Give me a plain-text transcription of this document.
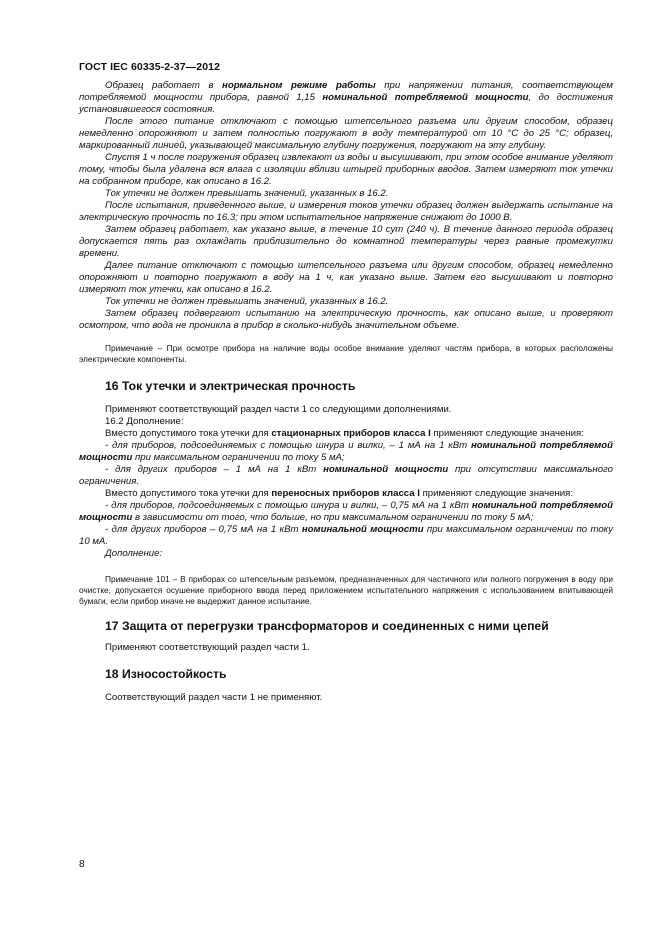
ГОСТ IEC 60335-2-37—2012

Образец работает в нормальном режиме работы при напряжении питания, соответствующем потребляемой мощности прибора, равной 1,15 номинальной потребляемой мощности, до достижения установившегося состояния.

После этого питание отключают с помощью штепсельного разъема или другим способом, образец немедленно опорожняют и затем полностью погружают в воду температурой от 10 °С до 25 °С; образец, маркированный линией, указывающей максимальную глубину погружения, погружают на эту глубину.

Спустя 1 ч после погружения образец извлекают из воды и высушивают, при этом особое внимание уделяют тому, чтобы была удалена вся влага с изоляции вблизи штырей приборных вводов. Затем измеряют ток утечки на собранном приборе, как описано в 16.2.

Ток утечки не должен превышать значений, указанных в 16.2.

После испытания, приведенного выше, и измерения токов утечки образец должен выдержать испытание на электрическую прочность по 16.3; при этом испытательное напряжение снижают до 1000 В.

Затем образец работает, как указано выше, в течение 10 сут (240 ч). В течение данного периода образец допускается пять раз охлаждать приблизительно до комнатной температуры через равные промежутки времени.

Далее питание отключают с помощью штепсельного разъема или другим способом, образец немедленно опорожняют и повторно погружают в воду на 1 ч, как указано выше. Затем его высушивают и повторно измеряют ток утечки, как описано в 16.2.

Ток утечки не должен превышать значений, указанных в 16.2.

Затем образец подвергают испытанию на электрическую прочность, как описано выше, и проверяют осмотром, что вода не проникла в прибор в сколько-нибудь значительном объеме.

Примечание – При осмотре прибора на наличие воды особое внимание уделяют частям прибора, в которых расположены электрические компоненты.

16 Ток утечки и электрическая прочность

Применяют соответствующий раздел части 1 со следующими дополнениями.

16.2 Дополнение:

Вместо допустимого тока утечки для стационарных приборов класса I применяют следующие значения:

- для приборов, подсоединяемых с помощью шнура и вилки, – 1 мА на 1 кВт номинальной потребляемой мощности при максимальном ограничении по току 5 мА;

- для других приборов – 1 мА на 1 кВт номинальной мощности при отсутствии максимального ограничения.

Вместо допустимого тока утечки для переносных приборов класса I применяют следующие значения:

- для приборов, подсоединяемых с помощью шнура и вилки, – 0,75 мА на 1 кВт номинальной потребляемой мощности в зависимости от того, что больше, но при максимальном ограничении по току 5 мА;

- для других приборов – 0,75 мА на 1 кВт номинальной мощности при максимальном ограничении по току 10 мА.

Дополнение:

Примечание 101 – В приборах со штепсельным разъемом, предназначенных для частичного или полного погружения в воду при очистке, допускается осушение приборного ввода перед приложением испытательного напряжения с использованием впитывающей бумаги, если прибор иначе не выдержит данное испытание.

17 Защита от перегрузки трансформаторов и соединенных с ними цепей

Применяют соответствующий раздел части 1.

18 Износостойкость

Соответствующий раздел части 1 не применяют.

8
